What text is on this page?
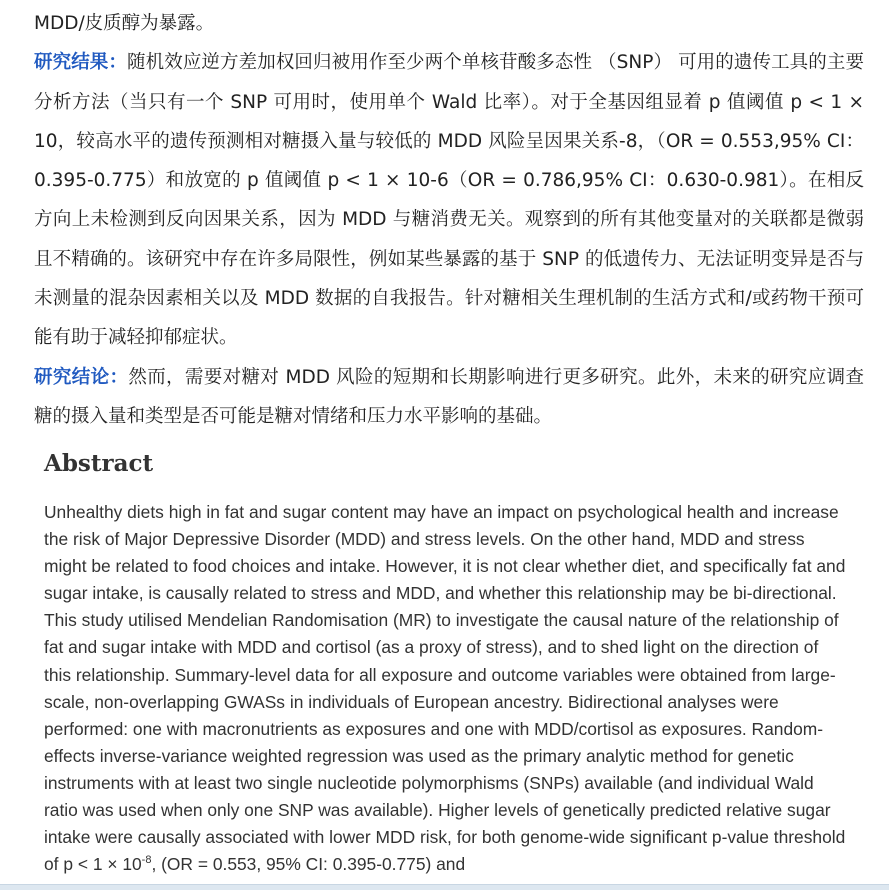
MDD/皮质醇为暴露。

研究结果：随机效应逆方差加权回归被用作至少两个单核苷酸多态性 （SNP） 可用的遗传工具的主要分析方法（当只有一个 SNP 可用时，使用单个 Wald 比率）。对于全基因组显着 p 值阈值 p < 1 × 10，较高水平的遗传预测相对糖摄入量与较低的 MDD 风险呈因果关系-8，（OR = 0.553,95% CI：0.395-0.775）和放宽的 p 值阈值 p < 1 × 10-6（OR = 0.786,95% CI：0.630-0.981）。在相反方向上未检测到反向因果关系，因为 MDD 与糖消费无关。观察到的所有其他变量对的关联都是微弱且不精确的。该研究中存在许多局限性，例如某些暴露的基于 SNP 的低遗传力、无法证明变异是否与未测量的混杂因素相关以及 MDD 数据的自我报告。针对糖相关生理机制的生活方式和/或药物干预可能有助于减轻抑郁症状。

研究结论：然而，需要对糖对 MDD 风险的短期和长期影响进行更多研究。此外，未来的研究应调查糖的摄入量和类型是否可能是糖对情绪和压力水平影响的基础。

Abstract

Unhealthy diets high in fat and sugar content may have an impact on psychological health and increase the risk of Major Depressive Disorder (MDD) and stress levels. On the other hand, MDD and stress might be related to food choices and intake. However, it is not clear whether diet, and specifically fat and sugar intake, is causally related to stress and MDD, and whether this relationship may be bi-directional. This study utilised Mendelian Randomisation (MR) to investigate the causal nature of the relationship of fat and sugar intake with MDD and cortisol (as a proxy of stress), and to shed light on the direction of this relationship. Summary-level data for all exposure and outcome variables were obtained from large-scale, non-overlapping GWASs in individuals of European ancestry. Bidirectional analyses were performed: one with macronutrients as exposures and one with MDD/cortisol as exposures. Random-effects inverse-variance weighted regression was used as the primary analytic method for genetic instruments with at least two single nucleotide polymorphisms (SNPs) available (and individual Wald ratio was used when only one SNP was available). Higher levels of genetically predicted relative sugar intake were causally associated with lower MDD risk, for both genome-wide significant p-value threshold of $p < 1 \times 10^{-8}$, (OR = 0.553, 95% CI: 0.395-0.775) and
